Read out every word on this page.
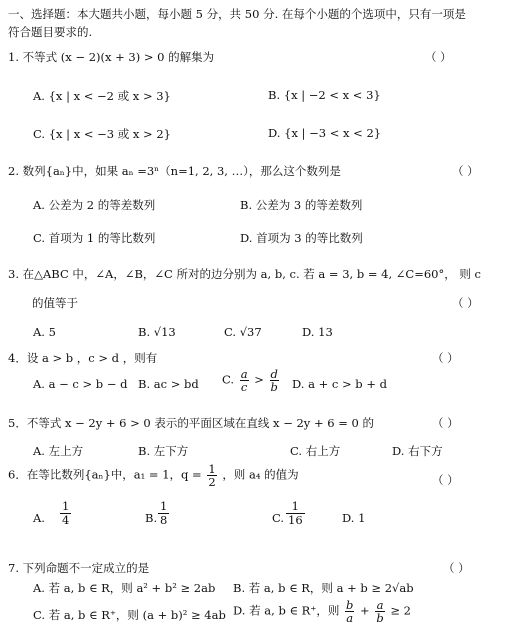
一、选择题：本大题共小题，每小题 5 分，共 50 分. 在每个小题的个选项中，只有一项是
符合题目要求的.
1. 不等式 (x − 2)(x + 3) > 0 的解集为	（ ）
A. {x | x < −2 或 x > 3}	B. {x | −2 < x < 3}
C. {x | x < −3 或 x > 2}	D. {x | −3 < x < 2}
2. 数列{aₙ}中，如果 aₙ =3ⁿ（n=1, 2, 3, …），那么这个数列是	（ ）
A. 公差为 2 的等差数列	B. 公差为 3 的等差数列
C. 首项为 1 的等比数列	D. 首项为 3 的等比数列
3. 在△ABC 中，∠A，∠B，∠C 所对的边分别为 a, b, c. 若 a = 3, b = 4, ∠C=60°， 则 c
的值等于	（ ）
A. 5	B. √13	C. √37	D. 13
4．设 a > b ，c > d ，则有	（ ）
A. a − c > b − d B. ac > bd C. $\frac{a}{c} > \frac{d}{b} D$. a + c > b + d
5．不等式 x − 2y + 6 > 0 表示的平面区域在直线 x − 2y + 6 = 0 的	（ ）
A. 左上方	B. 左下方	C. 右上方	D. 右下方
6．在等比数列{aₙ}中，a₁ = 1，$q = \frac{1}{2}$ ，则 a₄ 的值为	（ ）
A. $\frac{1}{4}$	B. $\frac{1}{8}$	C. $\frac{1}{16}$	D. 1
7. 下列命题不一定成立的是	（ ）
A. 若 a, b ∈ R，则 a² + b² ≥ 2ab B. 若 a, b ∈ R，则 a + b ≥ 2√ab
C. 若 a, b ∈ R⁺，则 (a + b)² ≥ 4ab D. 若 a, b ∈ R⁺，则 $\frac{b}{a} + \frac{a}{b} \ge 2$
